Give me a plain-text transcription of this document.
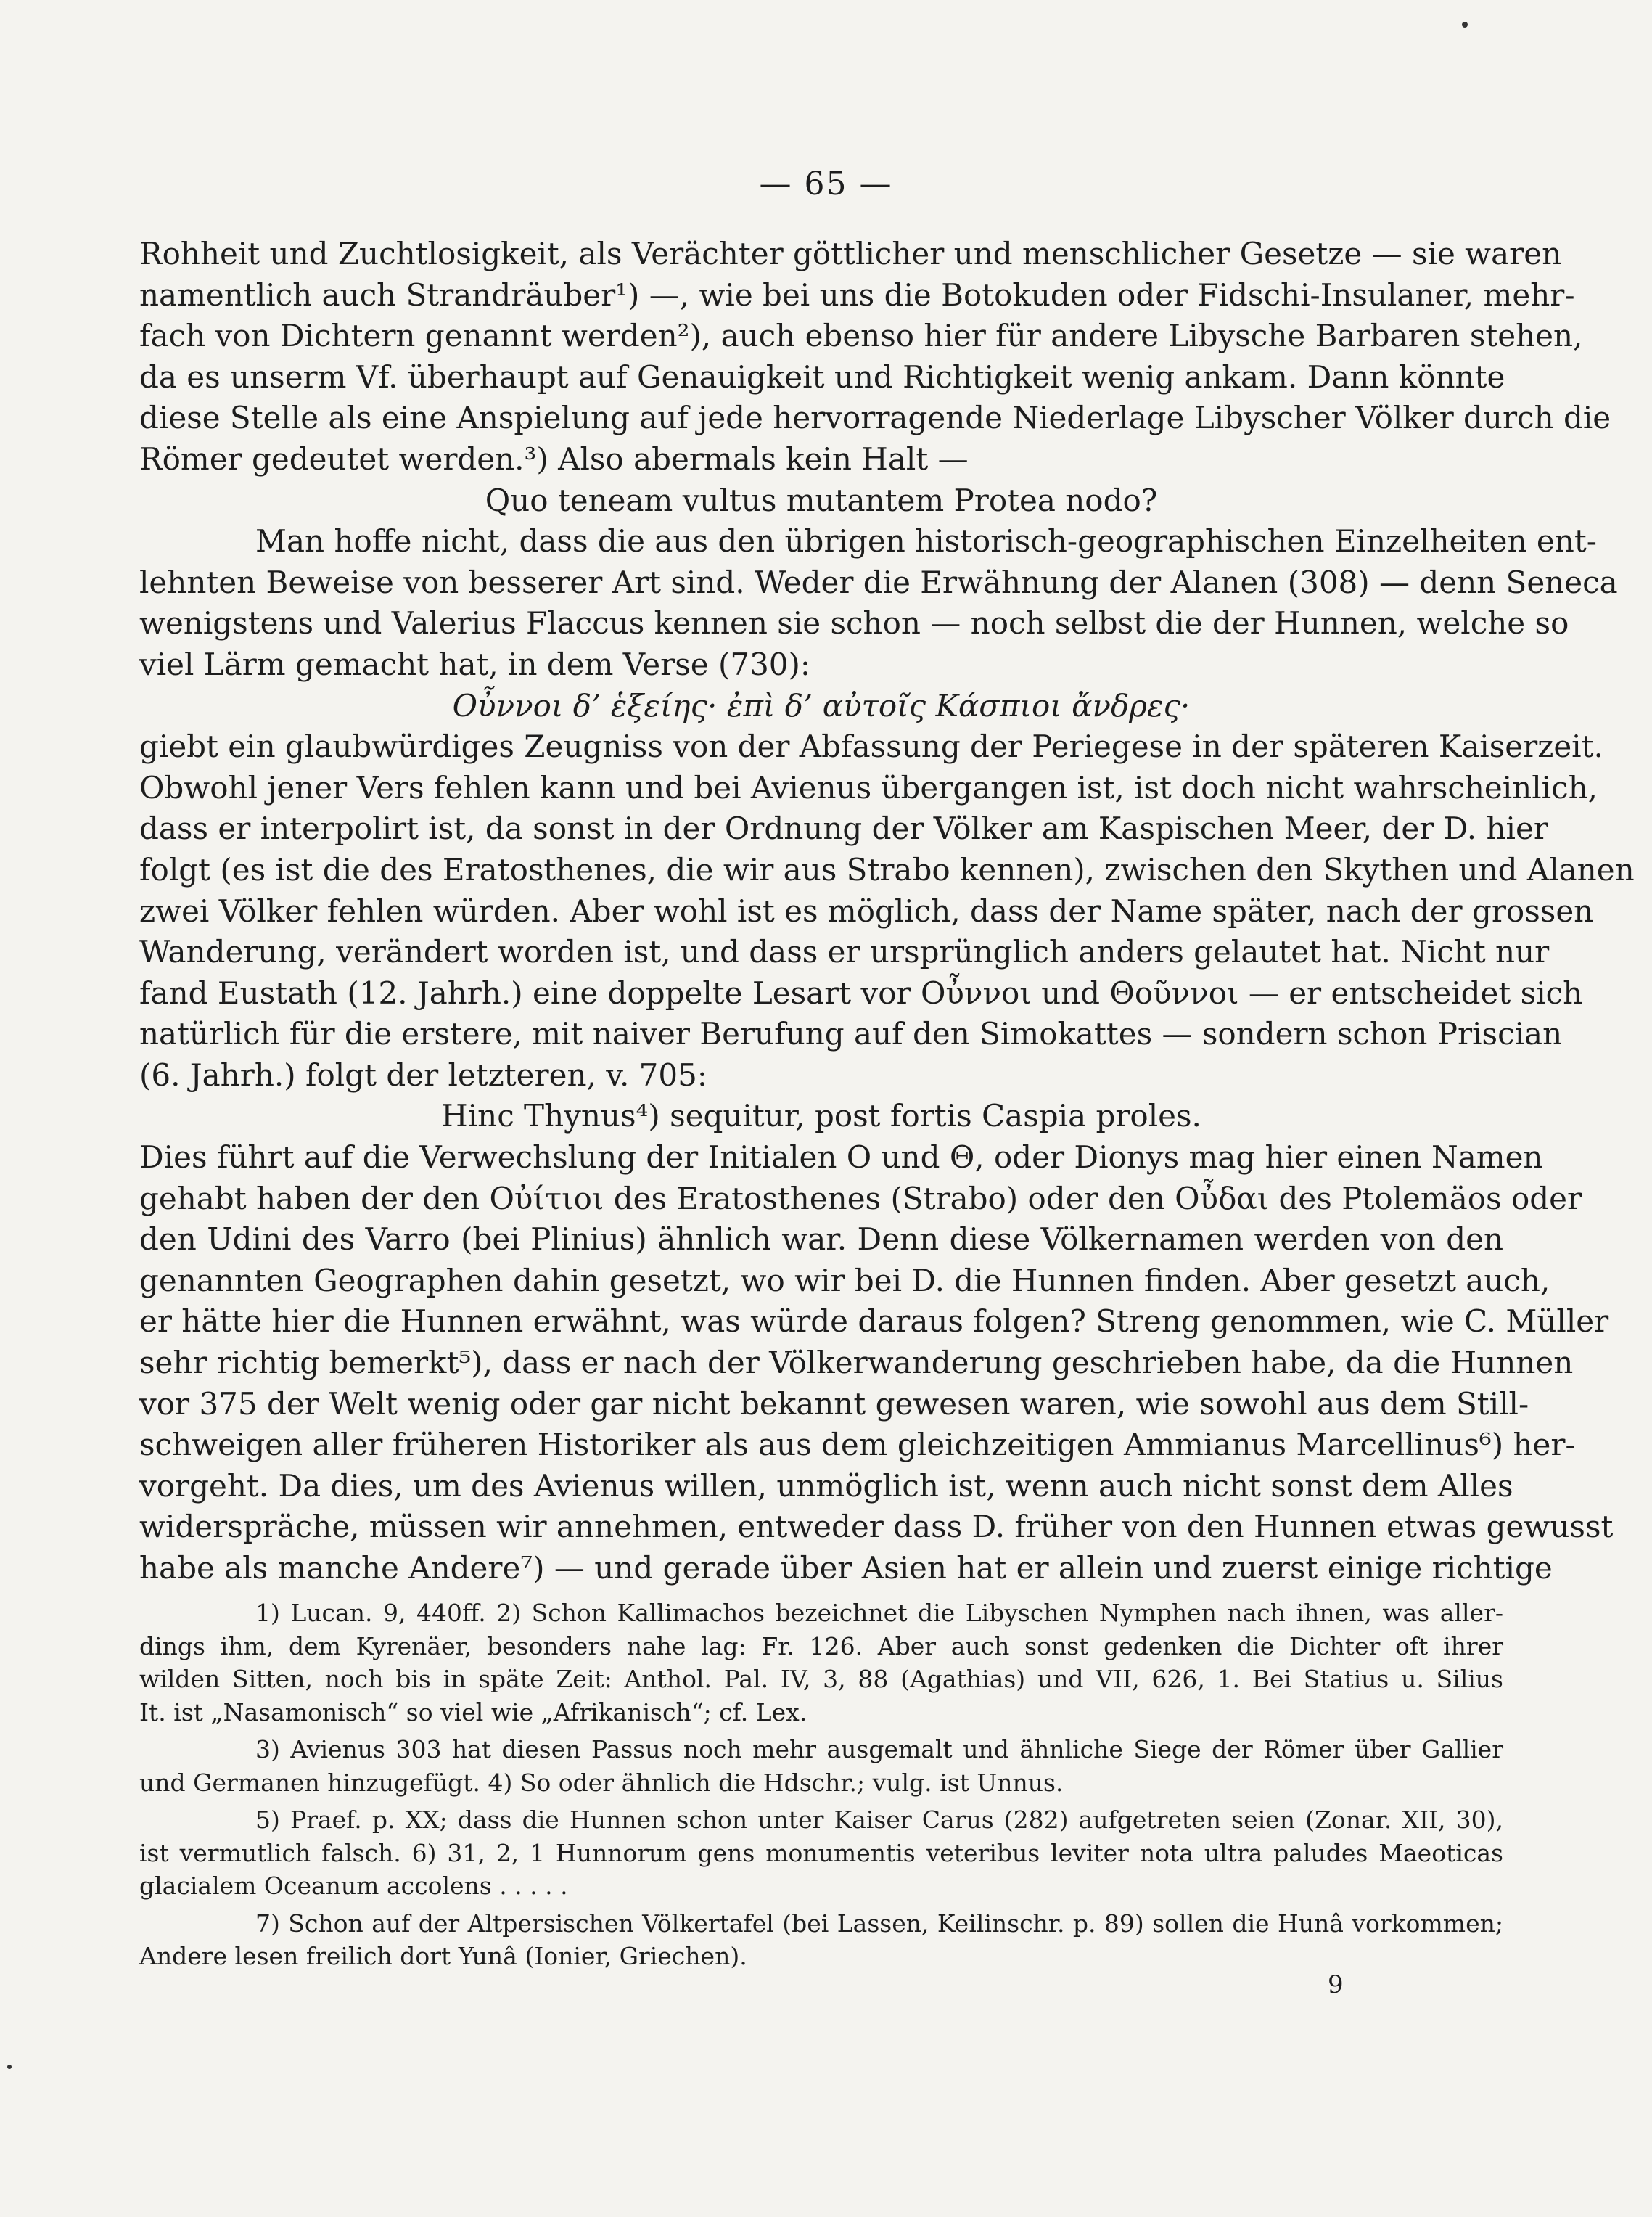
— 65 —
Rohheit und Zuchtlosigkeit, als Verächter göttlicher und menschlicher Gesetze — sie waren
namentlich auch Strandräuber¹) —, wie bei uns die Botokuden oder Fidschi-Insulaner, mehr-
fach von Dichtern genannt werden²), auch ebenso hier für andere Libysche Barbaren stehen,
da es unserm Vf. überhaupt auf Genauigkeit und Richtigkeit wenig ankam. Dann könnte
diese Stelle als eine Anspielung auf jede hervorragende Niederlage Libyscher Völker durch die
Römer gedeutet werden.³) Also abermals kein Halt —
Quo teneam vultus mutantem Protea nodo?
Man hoffe nicht, dass die aus den übrigen historisch-geographischen Einzelheiten ent-
lehnten Beweise von besserer Art sind. Weder die Erwähnung der Alanen (308) — denn Seneca
wenigstens und Valerius Flaccus kennen sie schon — noch selbst die der Hunnen, welche so
viel Lärm gemacht hat, in dem Verse (730):
Οὖννοι δ’ ἑξείης· ἐπὶ δ’ αὐτοῖς Κάσπιοι ἄνδρες·
giebt ein glaubwürdiges Zeugniss von der Abfassung der Periegese in der späteren Kaiserzeit.
Obwohl jener Vers fehlen kann und bei Avienus übergangen ist, ist doch nicht wahrscheinlich,
dass er interpolirt ist, da sonst in der Ordnung der Völker am Kaspischen Meer, der D. hier
folgt (es ist die des Eratosthenes, die wir aus Strabo kennen), zwischen den Skythen und Alanen
zwei Völker fehlen würden. Aber wohl ist es möglich, dass der Name später, nach der grossen
Wanderung, verändert worden ist, und dass er ursprünglich anders gelautet hat. Nicht nur
fand Eustath (12. Jahrh.) eine doppelte Lesart vor Οὖννοι und Θοῦννοι — er entscheidet sich
natürlich für die erstere, mit naiver Berufung auf den Simokattes — sondern schon Priscian
(6. Jahrh.) folgt der letzteren, v. 705:
Hinc Thynus⁴) sequitur, post fortis Caspia proles.
Dies führt auf die Verwechslung der Initialen O und Θ, oder Dionys mag hier einen Namen
gehabt haben der den Οὐίτιοι des Eratosthenes (Strabo) oder den Οὖδαι des Ptolemäos oder
den Udini des Varro (bei Plinius) ähnlich war. Denn diese Völkernamen werden von den
genannten Geographen dahin gesetzt, wo wir bei D. die Hunnen finden. Aber gesetzt auch,
er hätte hier die Hunnen erwähnt, was würde daraus folgen? Streng genommen, wie C. Müller
sehr richtig bemerkt⁵), dass er nach der Völkerwanderung geschrieben habe, da die Hunnen
vor 375 der Welt wenig oder gar nicht bekannt gewesen waren, wie sowohl aus dem Still-
schweigen aller früheren Historiker als aus dem gleichzeitigen Ammianus Marcellinus⁶) her-
vorgeht. Da dies, um des Avienus willen, unmöglich ist, wenn auch nicht sonst dem Alles
widerspräche, müssen wir annehmen, entweder dass D. früher von den Hunnen etwas gewusst
habe als manche Andere⁷) — und gerade über Asien hat er allein und zuerst einige richtige
1) Lucan. 9, 440ff. 2) Schon Kallimachos bezeichnet die Libyschen Nymphen nach ihnen, was aller-
dings ihm, dem Kyrenäer, besonders nahe lag: Fr. 126. Aber auch sonst gedenken die Dichter oft ihrer
wilden Sitten, noch bis in späte Zeit: Anthol. Pal. IV, 3, 88 (Agathias) und VII, 626, 1. Bei Statius u. Silius
It. ist „Nasamonisch“ so viel wie „Afrikanisch“; cf. Lex.
3) Avienus 303 hat diesen Passus noch mehr ausgemalt und ähnliche Siege der Römer über Gallier
und Germanen hinzugefügt. 4) So oder ähnlich die Hdschr.; vulg. ist Unnus.
5) Praef. p. XX; dass die Hunnen schon unter Kaiser Carus (282) aufgetreten seien (Zonar. XII, 30),
ist vermutlich falsch. 6) 31, 2, 1 Hunnorum gens monumentis veteribus leviter nota ultra paludes Maeoticas
glacialem Oceanum accolens . . . . .
7) Schon auf der Altpersischen Völkertafel (bei Lassen, Keilinschr. p. 89) sollen die Hunâ vorkommen;
Andere lesen freilich dort Yunâ (Ionier, Griechen).
9
